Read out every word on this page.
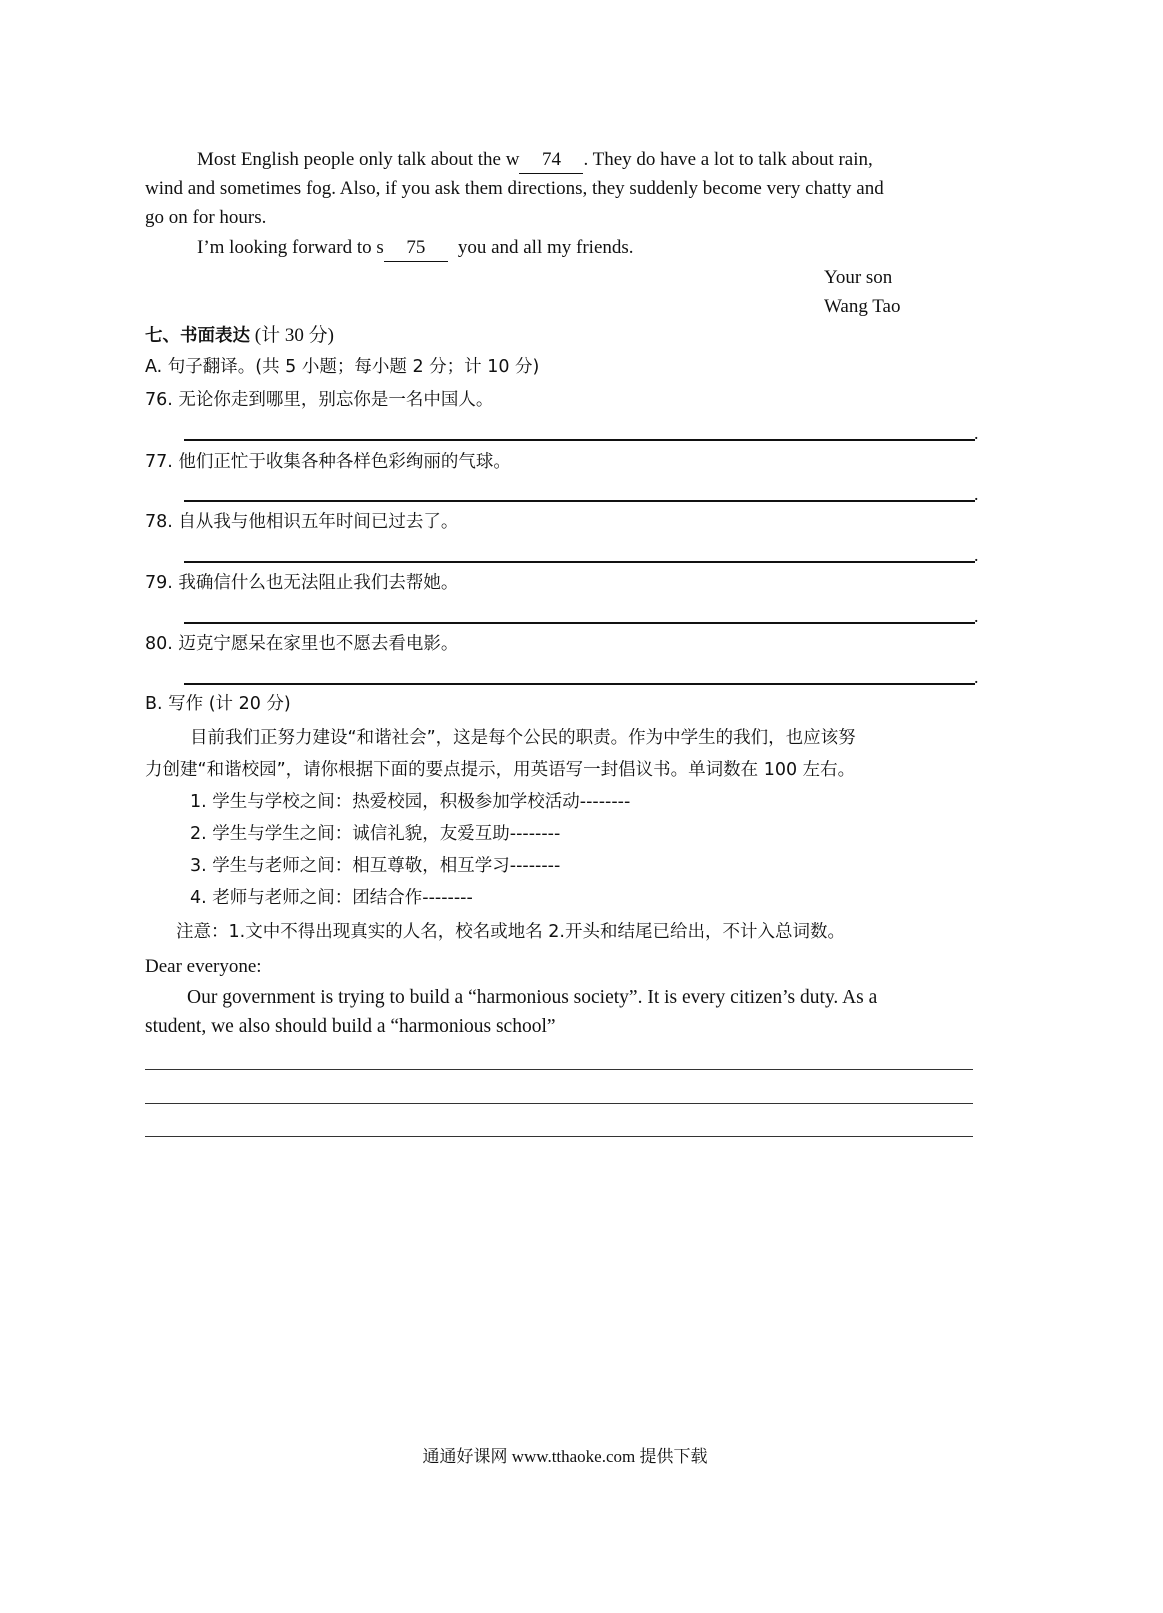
Most English people only talk about the w 74 . They do have a lot to talk about rain,
wind and sometimes fog. Also, if you ask them directions, they suddenly become very chatty and
go on for hours.
I’m looking forward to s 75 you and all my friends.
Your son
Wang Tao
七、书面表达 (计 30 分)
A. 句子翻译。(共 5 小题；每小题 2 分；计 10 分)
76. 无论你走到哪里，别忘你是一名中国人。
.
77. 他们正忙于收集各种各样色彩绚丽的气球。
.
78. 自从我与他相识五年时间已过去了。
.
79. 我确信什么也无法阻止我们去帮她。
.
80. 迈克宁愿呆在家里也不愿去看电影。
.
B. 写作 (计 20 分)
目前我们正努力建设“和谐社会”，这是每个公民的职责。作为中学生的我们，也应该努
力创建“和谐校园”，请你根据下面的要点提示，用英语写一封倡议书。单词数在 100 左右。
1. 学生与学校之间：热爱校园，积极参加学校活动--------
2. 学生与学生之间：诚信礼貌，友爱互助--------
3. 学生与老师之间：相互尊敬，相互学习--------
4. 老师与老师之间：团结合作--------
注意：1.文中不得出现真实的人名，校名或地名 2.开头和结尾已给出，不计入总词数。
Dear everyone:
Our government is trying to build a “harmonious society”. It is every citizen’s duty. As a
student, we also should build a “harmonious school”
通通好课网 www.tthaoke.com 提供下载
